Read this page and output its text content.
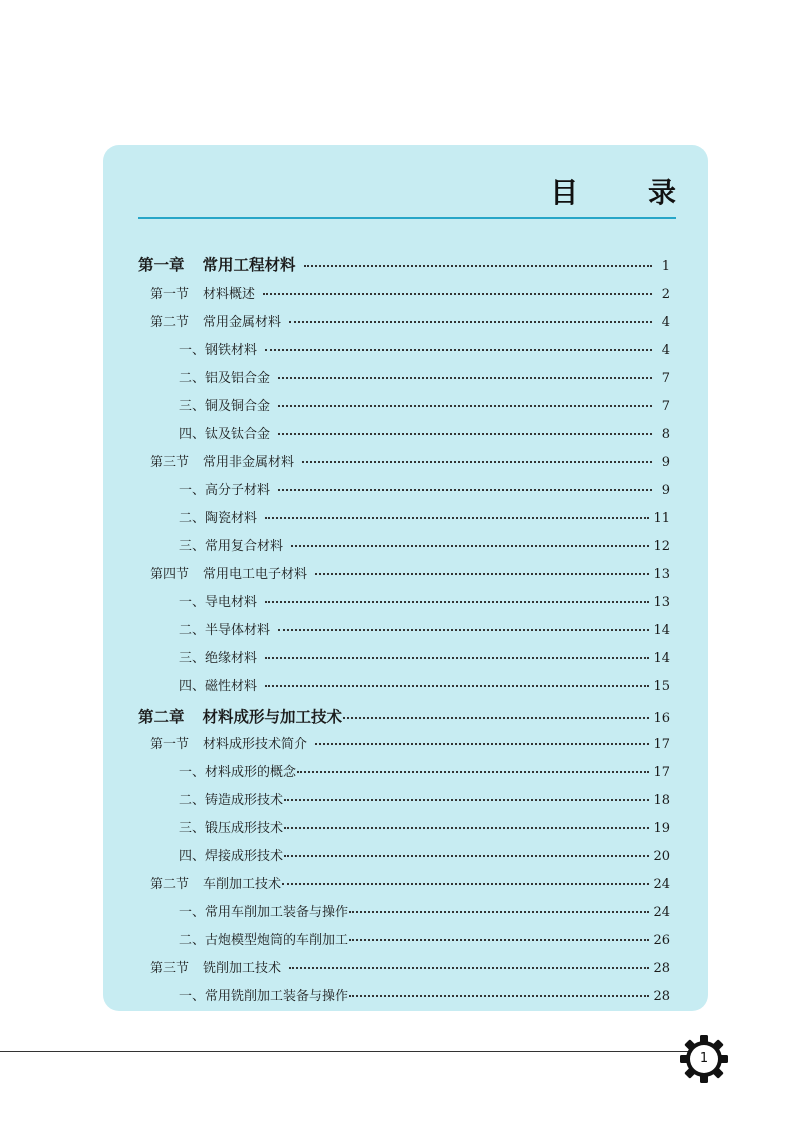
目 录
第一章 常用工程材料	1
第一节 材料概述	2
第二节 常用金属材料	4
一、钢铁材料	4
二、铝及铝合金	7
三、铜及铜合金	7
四、钛及钛合金	8
第三节 常用非金属材料	9
一、高分子材料	9
二、陶瓷材料	11
三、常用复合材料	12
第四节 常用电工电子材料	13
一、导电材料	13
二、半导体材料	14
三、绝缘材料	14
四、磁性材料	15
第二章 材料成形与加工技术	16
第一节 材料成形技术简介	17
一、材料成形的概念	17
二、铸造成形技术	18
三、锻压成形技术	19
四、焊接成形技术	20
第二节 车削加工技术	24
一、常用车削加工装备与操作	24
二、古炮模型炮筒的车削加工	26
第三节 铣削加工技术	28
一、常用铣削加工装备与操作	28
1
